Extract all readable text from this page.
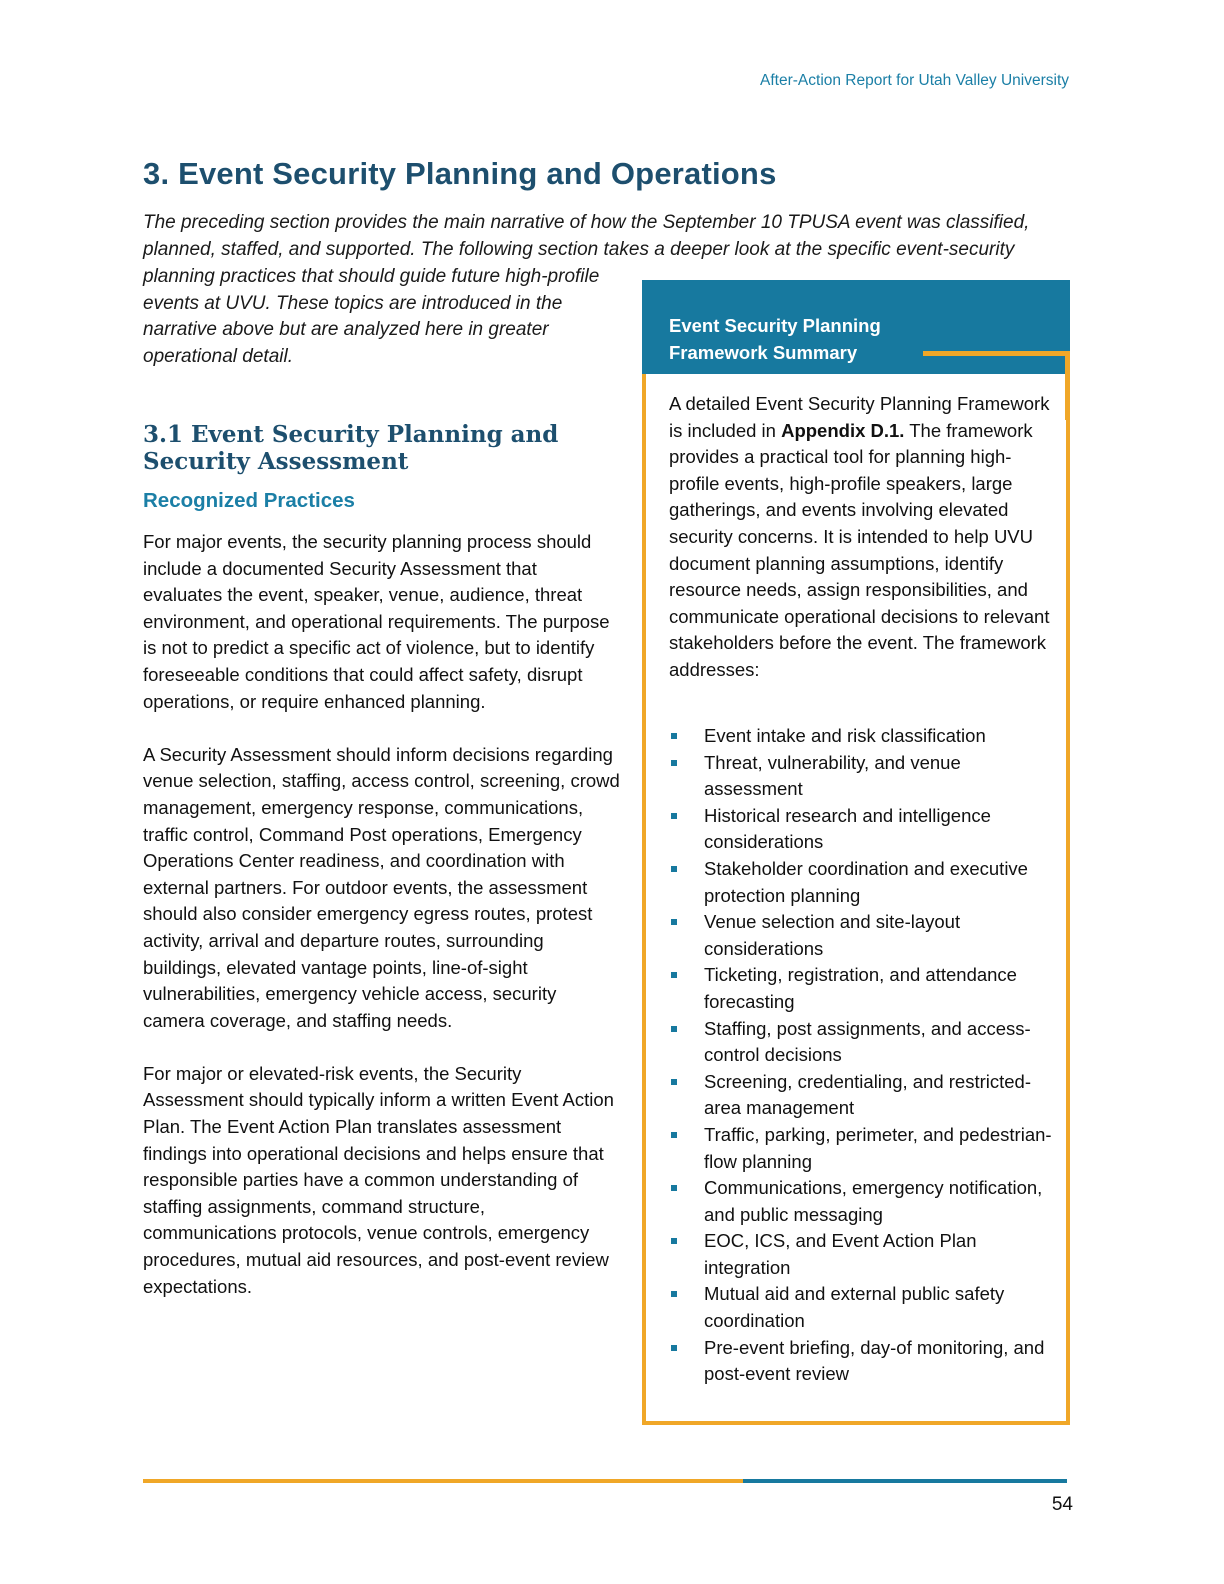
After-Action Report for Utah Valley University
3. Event Security Planning and Operations
The preceding section provides the main narrative of how the September 10 TPUSA event was classified, planned, staffed, and supported. The following section takes a deeper look at the specific event-security
planning practices that should guide future high-profile events at UVU. These topics are introduced in the narrative above but are analyzed here in greater operational detail.
3.1 Event Security Planning and Security Assessment
Recognized Practices

For major events, the security planning process should include a documented Security Assessment that evaluates the event, speaker, venue, audience, threat environment, and operational requirements. The purpose is not to predict a specific act of violence, but to identify foreseeable conditions that could affect safety, disrupt operations, or require enhanced planning.

A Security Assessment should inform decisions regarding venue selection, staffing, access control, screening, crowd management, emergency response, communications, traffic control, Command Post operations, Emergency Operations Center readiness, and coordination with external partners. For outdoor events, the assessment should also consider emergency egress routes, protest activity, arrival and departure routes, surrounding buildings, elevated vantage points, line-of-sight vulnerabilities, emergency vehicle access, security camera coverage, and staffing needs.

For major or elevated-risk events, the Security Assessment should typically inform a written Event Action Plan. The Event Action Plan translates assessment findings into operational decisions and helps ensure that responsible parties have a common understanding of staffing assignments, command structure, communications protocols, venue controls, emergency procedures, mutual aid resources, and post-event review expectations.

Event Security Planning Framework Summary
A detailed Event Security Planning Framework is included in Appendix D.1. The framework provides a practical tool for planning high-profile events, high-profile speakers, large gatherings, and events involving elevated security concerns. It is intended to help UVU document planning assumptions, identify resource needs, assign responsibilities, and communicate operational decisions to relevant stakeholders before the event. The framework addresses:
Event intake and risk classification
Threat, vulnerability, and venue assessment
Historical research and intelligence considerations
Stakeholder coordination and executive protection planning
Venue selection and site-layout considerations
Ticketing, registration, and attendance forecasting
Staffing, post assignments, and access-control decisions
Screening, credentialing, and restricted-area management
Traffic, parking, perimeter, and pedestrian-flow planning
Communications, emergency notification, and public messaging
EOC, ICS, and Event Action Plan integration
Mutual aid and external public safety coordination
Pre-event briefing, day-of monitoring, and post-event review
54
